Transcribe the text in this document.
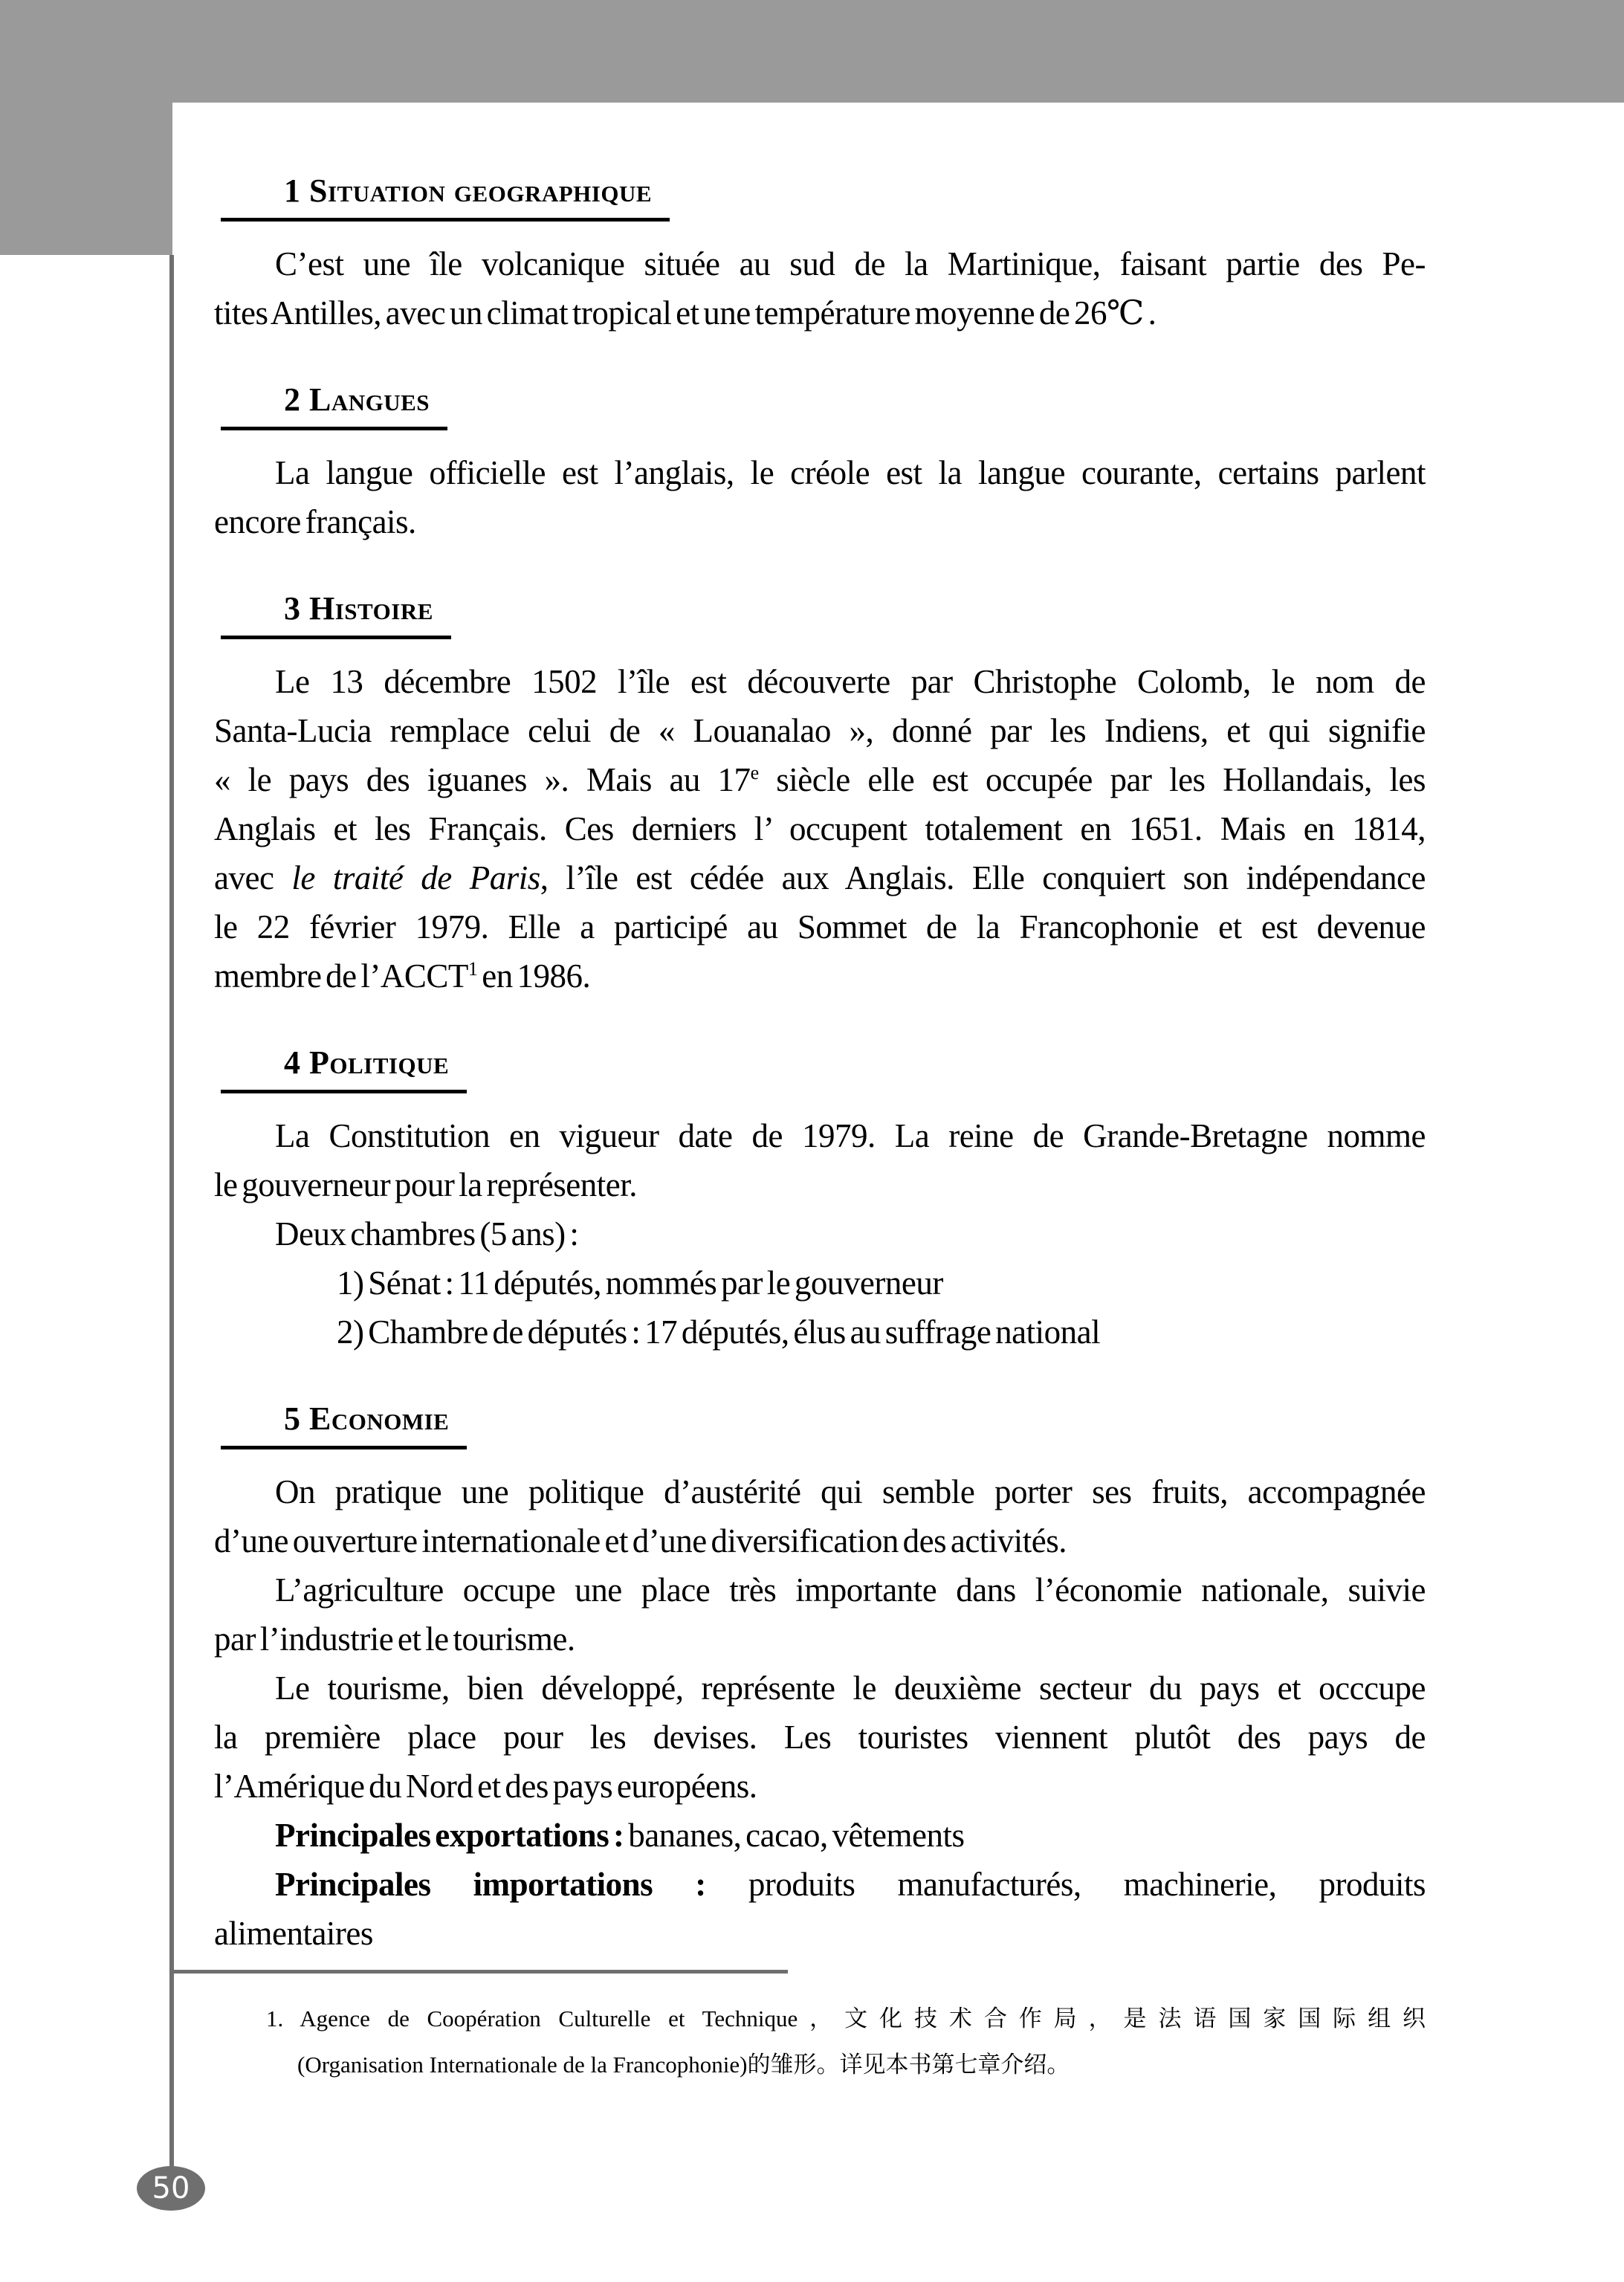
1 Situation geographique
C’est une île volcanique située au sud de la Martinique, faisant partie des Pe-
tites Antilles, avec un climat tropical et une température moyenne de 26℃ .
2 Langues
La langue officielle est l’anglais, le créole est la langue courante, certains parlent
encore français.
3 Histoire
Le 13 décembre 1502 l’île est découverte par Christophe Colomb, le nom de
Santa-Lucia remplace celui de « Louanalao », donné par les Indiens, et qui signifie
« le pays des iguanes ». Mais au 17e siècle elle est occupée par les Hollandais, les
Anglais et les Français. Ces derniers l’ occupent totalement en 1651. Mais en 1814,
avec le traité de Paris, l’île est cédée aux Anglais. Elle conquiert son indépendance
le 22 février 1979. Elle a participé au Sommet de la Francophonie et est devenue
membre de l’ACCT$^1$ en 1986.
4 Politique
La Constitution en vigueur date de 1979. La reine de Grande-Bretagne nomme
le gouverneur pour la représenter.
Deux chambres (5 ans) :
1) Sénat : 11 députés, nommés par le gouverneur
2) Chambre de députés : 17 députés, élus au suffrage national
5 Economie
On pratique une politique d’austérité qui semble porter ses fruits, accompagnée
d’une ouverture internationale et d’une diversification des activités.
L’agriculture occupe une place très importante dans l’économie nationale, suivie
par l’industrie et le tourisme.
Le tourisme, bien développé, représente le deuxième secteur du pays et occcupe
la première place pour les devises. Les touristes viennent plutôt des pays de
l’Amérique du Nord et des pays européens.
Principales exportations : bananes, cacao, vêtements
Principales importations : produits manufacturés, machinerie, produits
alimentaires
1. Agence de Coopération Culturelle et Technique，文化技术合作局，是法语国家国际组织
(Organisation Internationale de la Francophonie)的雏形。详见本书第七章介绍。
50
